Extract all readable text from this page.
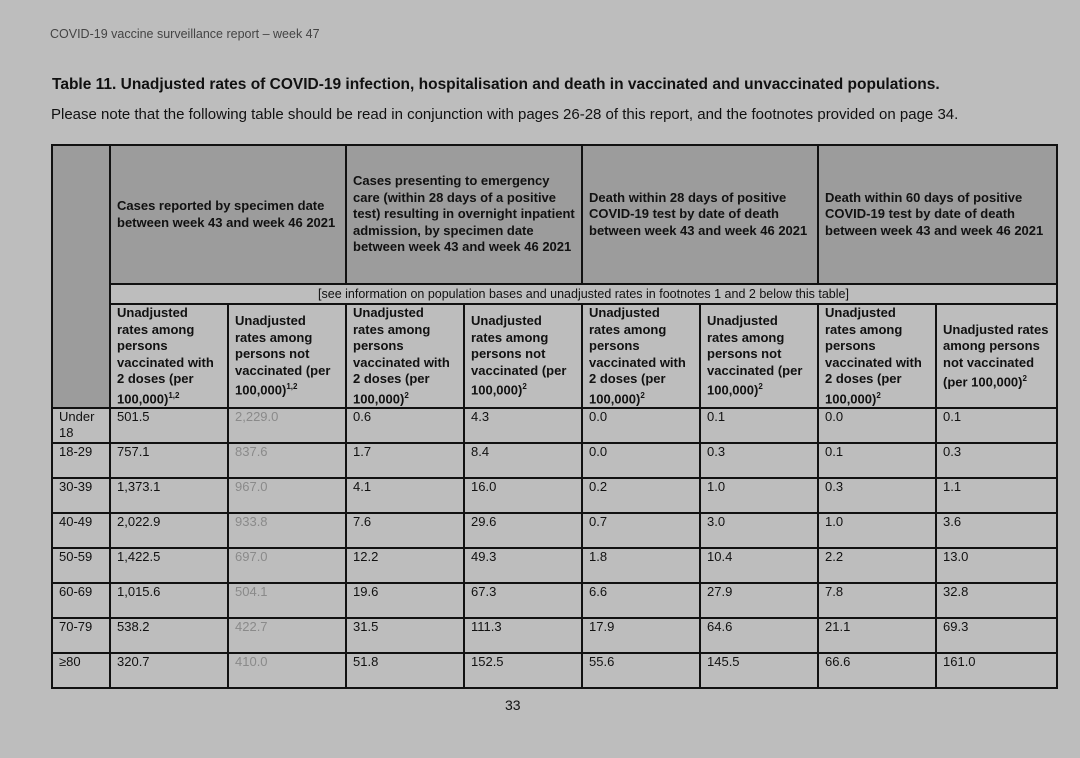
COVID-19 vaccine surveillance report – week 47
Table 11. Unadjusted rates of COVID-19 infection, hospitalisation and death in vaccinated and unvaccinated populations.
Please note that the following table should be read in conjunction with pages 26-28 of this report, and the footnotes provided on page 34.
	Cases reported by specimen date between week 43 and week 46 2021		Cases presenting to emergency care (within 28 days of a positive test) resulting in overnight inpatient admission, by specimen date between week 43 and week 46 2021		Death within 28 days of positive COVID-19 test by date of death between week 43 and week 46 2021		Death within 60 days of positive COVID-19 test by date of death between week 43 and week 46 2021	
	[see information on population bases and unadjusted rates in footnotes 1 and 2 below this table]							
	Unadjusted rates among persons vaccinated with 2 doses (per 100,000)$^{1,2}$	Unadjusted rates among persons not vaccinated (per 100,000)$^{1,2}$	Unadjusted rates among persons vaccinated with 2 doses (per 100,000)$^2$	Unadjusted rates among persons not vaccinated (per 100,000)$^2$	Unadjusted rates among persons vaccinated with 2 doses (per 100,000)$^2$	Unadjusted rates among persons not vaccinated (per 100,000)$^2$	Unadjusted rates among persons vaccinated with 2 doses (per 100,000)$^2$	Unadjusted rates among persons not vaccinated (per 100,000)$^2$
Under 18	501.5	2,229.0	0.6	4.3	0.0	0.1	0.0	0.1
18-29	757.1	837.6	1.7	8.4	0.0	0.3	0.1	0.3
30-39	1,373.1	967.0	4.1	16.0	0.2	1.0	0.3	1.1
40-49	2,022.9	933.8	7.6	29.6	0.7	3.0	1.0	3.6
50-59	1,422.5	697.0	12.2	49.3	1.8	10.4	2.2	13.0
60-69	1,015.6	504.1	19.6	67.3	6.6	27.9	7.8	32.8
70-79	538.2	422.7	31.5	111.3	17.9	64.6	21.1	69.3
≥80	320.7	410.0	51.8	152.5	55.6	145.5	66.6	161.0
33
